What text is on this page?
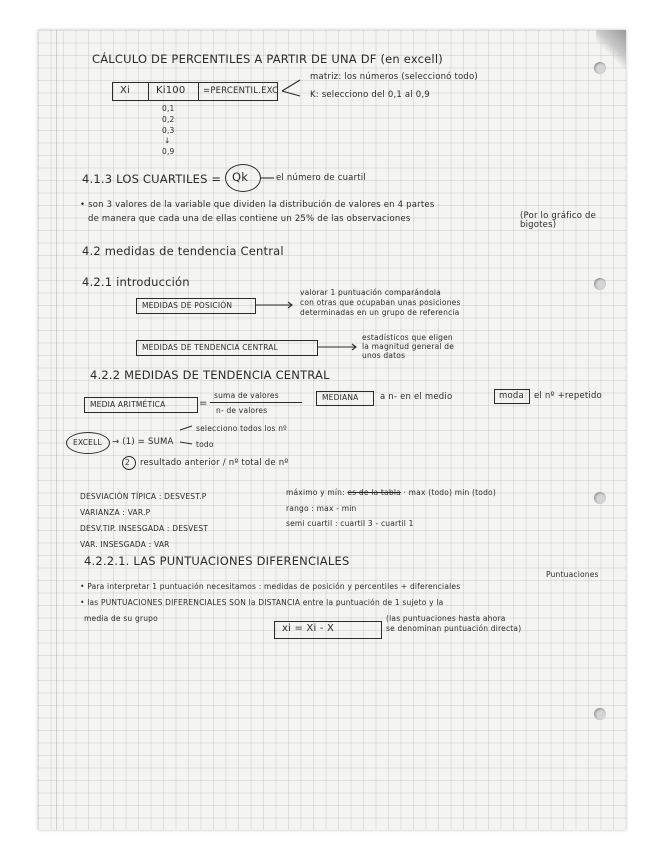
CÁLCULO DE PERCENTILES A PARTIR DE UNA DF (en excell)
Xi	Ki100 =PERCENTIL.EXC
matriz: los números (seleccionó todo)
K: selecciono del 0,1 al 0,9
0,1
0,2
0,3
↓
0,9
4.1.3 LOS CUARTILES = Qk	el número de cuartil
• son 3 valores de la variable que dividen la distribución de valores en 4 partes
de manera que cada una de ellas contiene un 25% de las observaciones	(Por lo gráfico de bigotes)
4.2 medidas de tendencia Central
4.2.1 introducción
MEDIDAS DE POSICIÓN
valorar 1 puntuación comparándola
con otras que ocupaban unas posiciones
determinadas en un grupo de referencia
MEDIDAS DE TENDENCIA CENTRAL
estadísticos que eligen
la magnitud general de
unos datos
4.2.2 MEDIDAS DE TENDENCIA CENTRAL
MEDIA ARITMÉTICA	=
suma de valores
n- de valores
MEDIANA	a n- en el medio	moda el nº +repetido
EXCELL → (1) = SUMA
selecciono todos los nº
todo
2 resultado anterior / nº total de nº
DESVIACIÓN TÍPICA : DESVEST.P
VARIANZA : VAR.P
DESV.TIP. INSESGADA : DESVEST
VAR. INSESGADA : VAR
máximo y mín: es de la tabla · max (todo) min (todo)
rango : max - min
semi cuartil : cuartil 3 - cuartil 1
4.2.2.1. LAS PUNTUACIONES DIFERENCIALES
Puntuaciones
• Para interpretar 1 puntuación necesitamos : medidas de posición y percentiles + diferenciales
• las PUNTUACIONES DIFERENCIALES SON la DISTANCIA entre la puntuación de 1 sujeto y la
media de su grupo
xi = Xi - X̄
(las puntuaciones hasta ahora
se denominan puntuación directa)
